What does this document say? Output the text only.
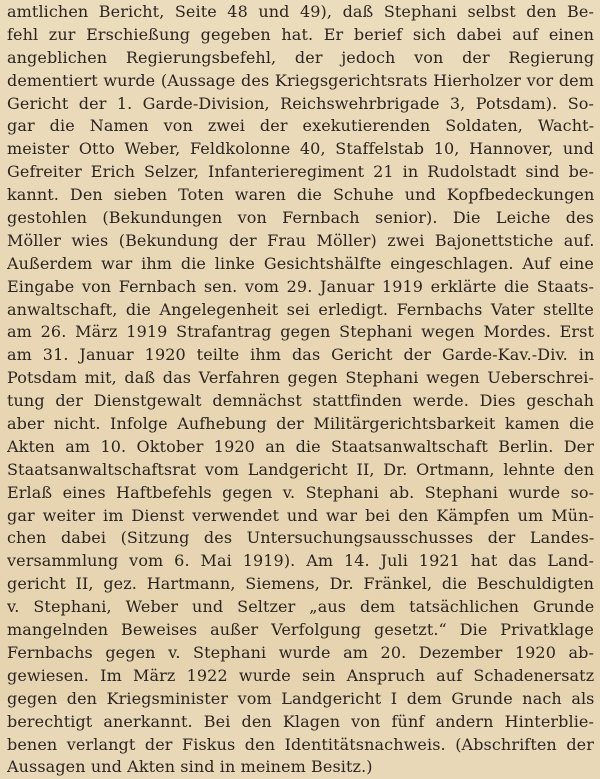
amtlichen Bericht, Seite 48 und 49), daß Stephani selbst den Be-
fehl zur Erschießung gegeben hat. Er berief sich dabei auf einen
angeblichen Regierungsbefehl, der jedoch von der Regierung
dementiert wurde (Aussage des Kriegsgerichtsrats Hierholzer vor dem
Gericht der 1. Garde-Division, Reichswehrbrigade 3, Potsdam). So-
gar die Namen von zwei der exekutierenden Soldaten, Wacht-
meister Otto Weber, Feldkolonne 40, Staffelstab 10, Hannover, und
Gefreiter Erich Selzer, Infanterieregiment 21 in Rudolstadt sind be-
kannt. Den sieben Toten waren die Schuhe und Kopfbedeckungen
gestohlen (Bekundungen von Fernbach senior). Die Leiche des
Möller wies (Bekundung der Frau Möller) zwei Bajonettstiche auf.
Außerdem war ihm die linke Gesichtshälfte eingeschlagen. Auf eine
Eingabe von Fernbach sen. vom 29. Januar 1919 erklärte die Staats-
anwaltschaft, die Angelegenheit sei erledigt. Fernbachs Vater stellte
am 26. März 1919 Strafantrag gegen Stephani wegen Mordes. Erst
am 31. Januar 1920 teilte ihm das Gericht der Garde-Kav.-Div. in
Potsdam mit, daß das Verfahren gegen Stephani wegen Ueberschrei-
tung der Dienstgewalt demnächst stattfinden werde. Dies geschah
aber nicht. Infolge Aufhebung der Militärgerichtsbarkeit kamen die
Akten am 10. Oktober 1920 an die Staatsanwaltschaft Berlin. Der
Staatsanwaltschaftsrat vom Landgericht II, Dr. Ortmann, lehnte den
Erlaß eines Haftbefehls gegen v. Stephani ab. Stephani wurde so-
gar weiter im Dienst verwendet und war bei den Kämpfen um Mün-
chen dabei (Sitzung des Untersuchungsausschusses der Landes-
versammlung vom 6. Mai 1919). Am 14. Juli 1921 hat das Land-
gericht II, gez. Hartmann, Siemens, Dr. Fränkel, die Beschuldigten
v. Stephani, Weber und Seltzer „aus dem tatsächlichen Grunde
mangelnden Beweises außer Verfolgung gesetzt.“ Die Privatklage
Fernbachs gegen v. Stephani wurde am 20. Dezember 1920 ab-
gewiesen. Im März 1922 wurde sein Anspruch auf Schadenersatz
gegen den Kriegsminister vom Landgericht I dem Grunde nach als
berechtigt anerkannt. Bei den Klagen von fünf andern Hinterblie-
benen verlangt der Fiskus den Identitätsnachweis. (Abschriften der
Aussagen und Akten sind in meinem Besitz.)
